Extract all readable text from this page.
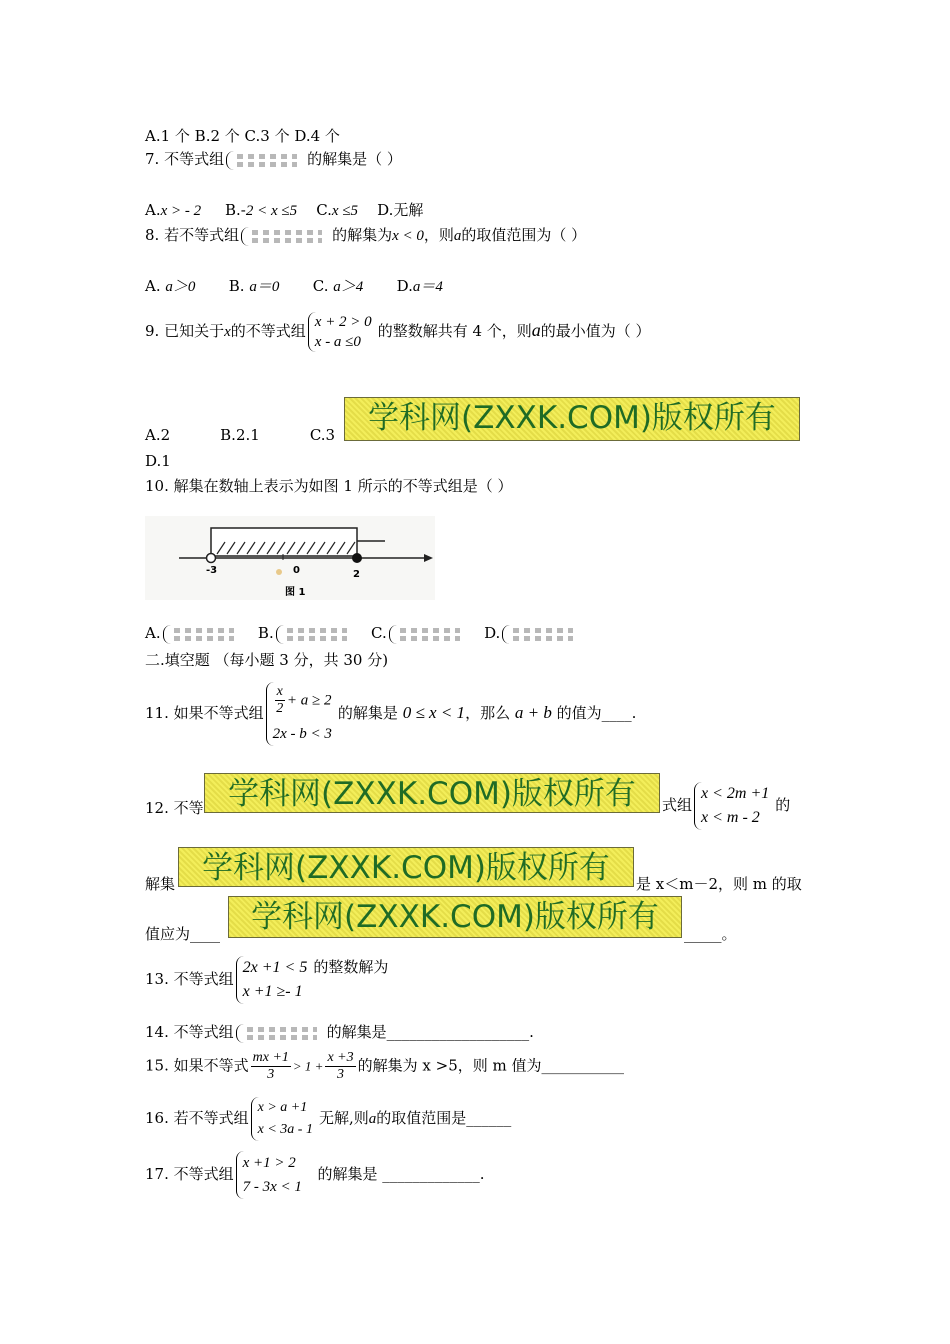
A.1 个 B.2 个 C.3 个 D.4 个
7. 不等式组	的解集是（ ）
A.x > - 2 B.-2 < x ≤5 C.x ≤5 D.无解
8. 若不等式组	的解集为x < 0，则a的取值范围为（ ）
A. a＞0 B. a＝0 C. a＞4 D.a＝4
9. 已知关于x的不等式组 x + 2 > 0
x - a ≤0
的整数解共有 4 个，则a的最小值为（ ）
A.2	B.2.1	C.3
D.1
10. 解集在数轴上表示为如图 1 所示的不等式组是（ ）
-3	0	2
图 1
A.	B.	C.	D.
二.填空题 （每小题 3 分，共 30 分)
11. 如果不等式组 $\frac{x}{2} + a \ge 2$
2x - b < 3
的解集是 0 ≤ x < 1，那么 a + b 的值为____.
12. 不等	式组
x < 2m +1
x < m - 2
的
解集	是 x＜m－2，则 m 的取
值应为____	_____。
学科网(ZXXK.COM)版权所有
学科网(ZXXK.COM)版权所有
学科网(ZXXK.COM)版权所有
学科网(ZXXK.COM)版权所有
13. 不等式组
2x +1 < 5
x +1 ≥- 1
的整数解为
14. 不等式组	的解集是___________________.
15. 如果不等式 $\frac{mx +1}{3} > 1 + \frac{x +3}{3}$ 的解集为 x >5，则 m 值为___________
16. 若不等式组
x > a +1
x < 3a - 1
无解,则a的取值范围是______
17. 不等式组
x +1 > 2
7 - 3x < 1
的解集是 _____________.
